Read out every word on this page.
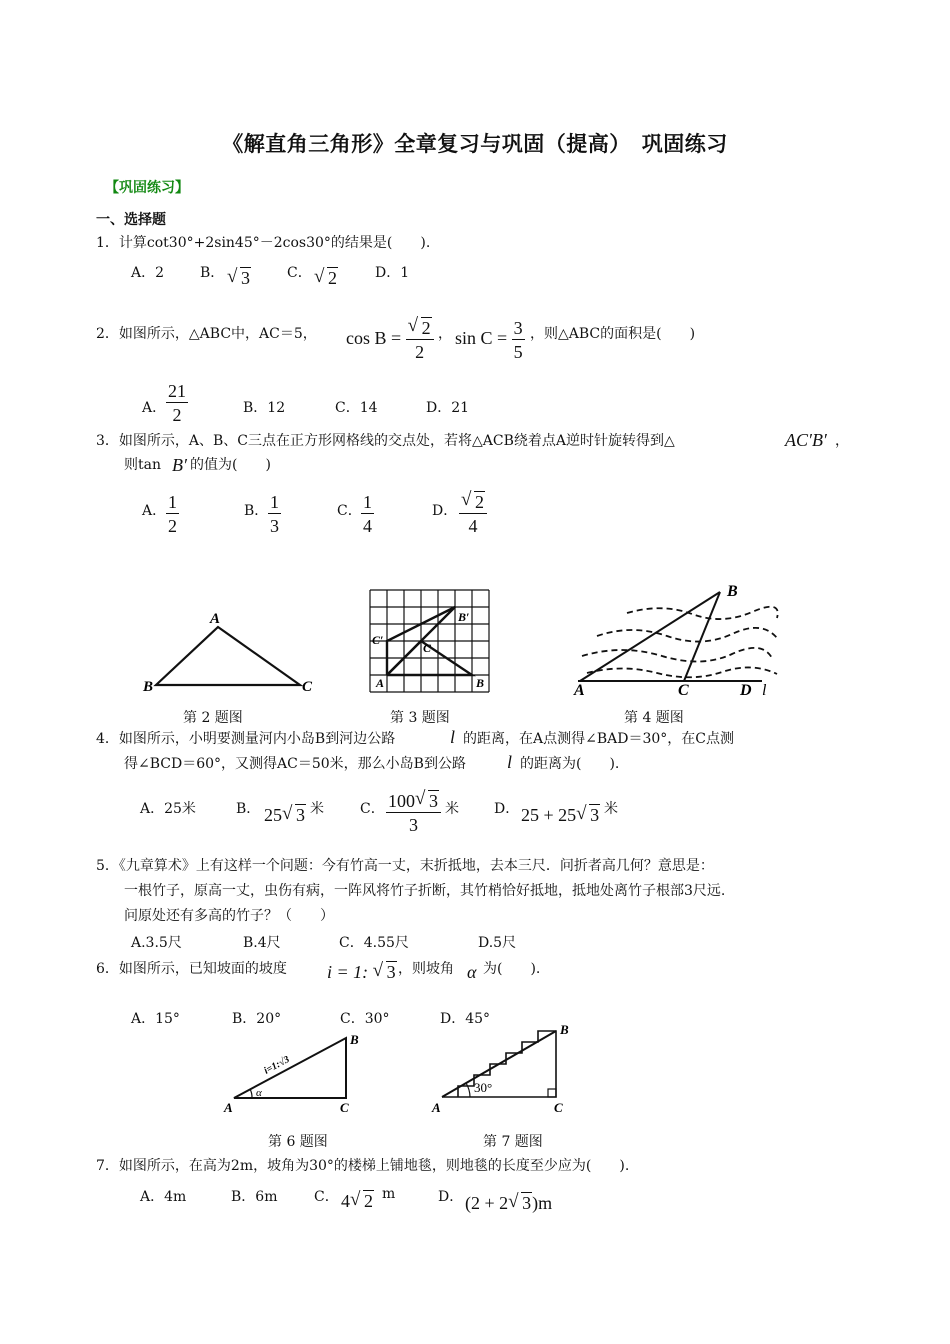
《解直角三角形》全章复习与巩固（提高）　巩固练习
【巩固练习】
一、选择题
1．计算cot30°+2sin45°－2cos30°的结果是(　　).
A．2	B． √ 3	C． √ 2	D．1
2．如图所示，△ABC中，AC＝5， cos B = √ $\frac{2}{2}$ ， $\sin C = \frac{3}{5}$ ，则△ABC的面积是(　　)
A． $\frac{21}{2}$	B．12	C．14	D．21
3．如图所示，A、B、C三点在正方形网格线的交点处，若将△ACB绕着点A逆时针旋转得到△	AC′B′ ，
则tan B′ 的值为(　　)
A． $\frac{1}{2}$	B． $\frac{1}{3}$	C． $\frac{1}{4}$	D． √ $\frac{2}{4}$
A
B	C
第 2 题图
A	B
C
B′
C′
第 3 题图
A
B
C	D l
第 4 题图
4．如图所示，小明要测量河内小岛B到河边公路	l 的距离，在A点测得∠BAD＝30°，在C点测
得∠BCD＝60°，又测得AC＝50米，那么小岛B到公路 l 的距离为(　　).
A．25米	B． 25 √ 3 米	C． $\frac{100 √ 3}{3}$ 米	D． 25 + 25 √ 3 米
5．《九章算术》上有这样一个问题：今有竹高一丈，末折抵地，去本三尺．问折者高几何？意思是：
一根竹子，原高一丈，虫伤有病，一阵风将竹子折断，其竹梢恰好抵地，抵地处离竹子根部3尺远.
问原处还有多高的竹子？（　　）
A.3.5尺	B.4尺	C．4.55尺	D.5尺
6．如图所示，已知坡面的坡度 i = 1: √ 3 ，则坡角 α 为(　　).
A．15°	B．20°	C．30°	D．45°
A
B
C
α
i=1:√3
第 6 题图
A
B
C
30°
第 7 题图
7．如图所示，在高为2m，坡角为30°的楼梯上铺地毯，则地毯的长度至少应为(　　).
A．4m	B．6m	C． 4 √ 2 m	D． (2 + 2 √ 3)m
